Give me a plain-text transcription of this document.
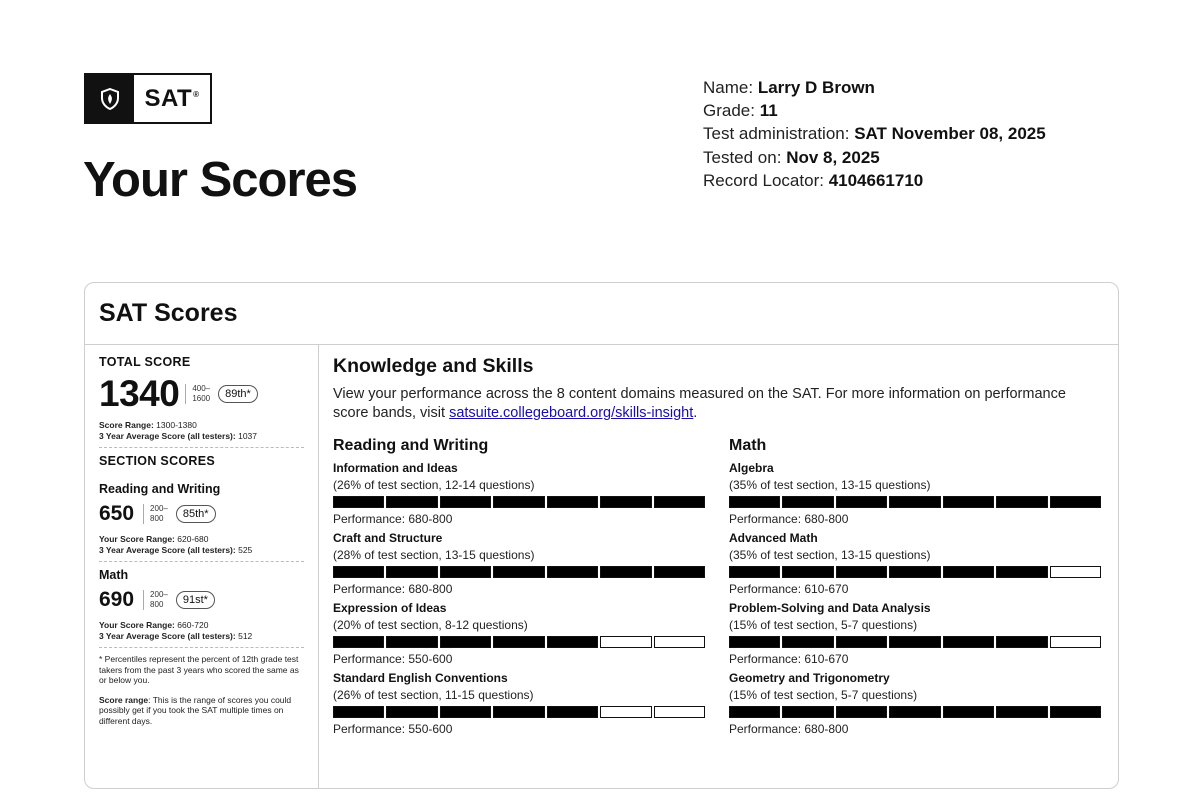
SAT ®
Your Scores
Name: Larry D Brown
Grade: 11
Test administration: SAT November 08, 2025
Tested on: Nov 8, 2025
Record Locator: 4104661710
SAT Scores
TOTAL SCORE
1340	400–
1600	89th*
Score Range: 1300-1380
3 Year Average Score (all testers): 1037
SECTION SCORES
Reading and Writing
650	200–
800	85th*
Your Score Range: 620-680
3 Year Average Score (all testers): 525
Math
690	200–
800	91st*
Your Score Range: 660-720
3 Year Average Score (all testers): 512
* Percentiles represent the percent of 12th grade test takers from the past 3 years who scored the same as or below you.
Score range: This is the range of scores you could possibly get if you took the SAT multiple times on different days.
Knowledge and Skills
View your performance across the 8 content domains measured on the SAT. For more information on performance score bands, visit satsuite.collegeboard.org/skills-insight.
Reading and Writing
Information and Ideas
(26% of test section, 12-14 questions)
Performance: 680-800
Craft and Structure
(28% of test section, 13-15 questions)
Performance: 680-800
Expression of Ideas
(20% of test section, 8-12 questions)
Performance: 550-600
Standard English Conventions
(26% of test section, 11-15 questions)
Performance: 550-600
Math
Algebra
(35% of test section, 13-15 questions)
Performance: 680-800
Advanced Math
(35% of test section, 13-15 questions)
Performance: 610-670
Problem-Solving and Data Analysis
(15% of test section, 5-7 questions)
Performance: 610-670
Geometry and Trigonometry
(15% of test section, 5-7 questions)
Performance: 680-800
